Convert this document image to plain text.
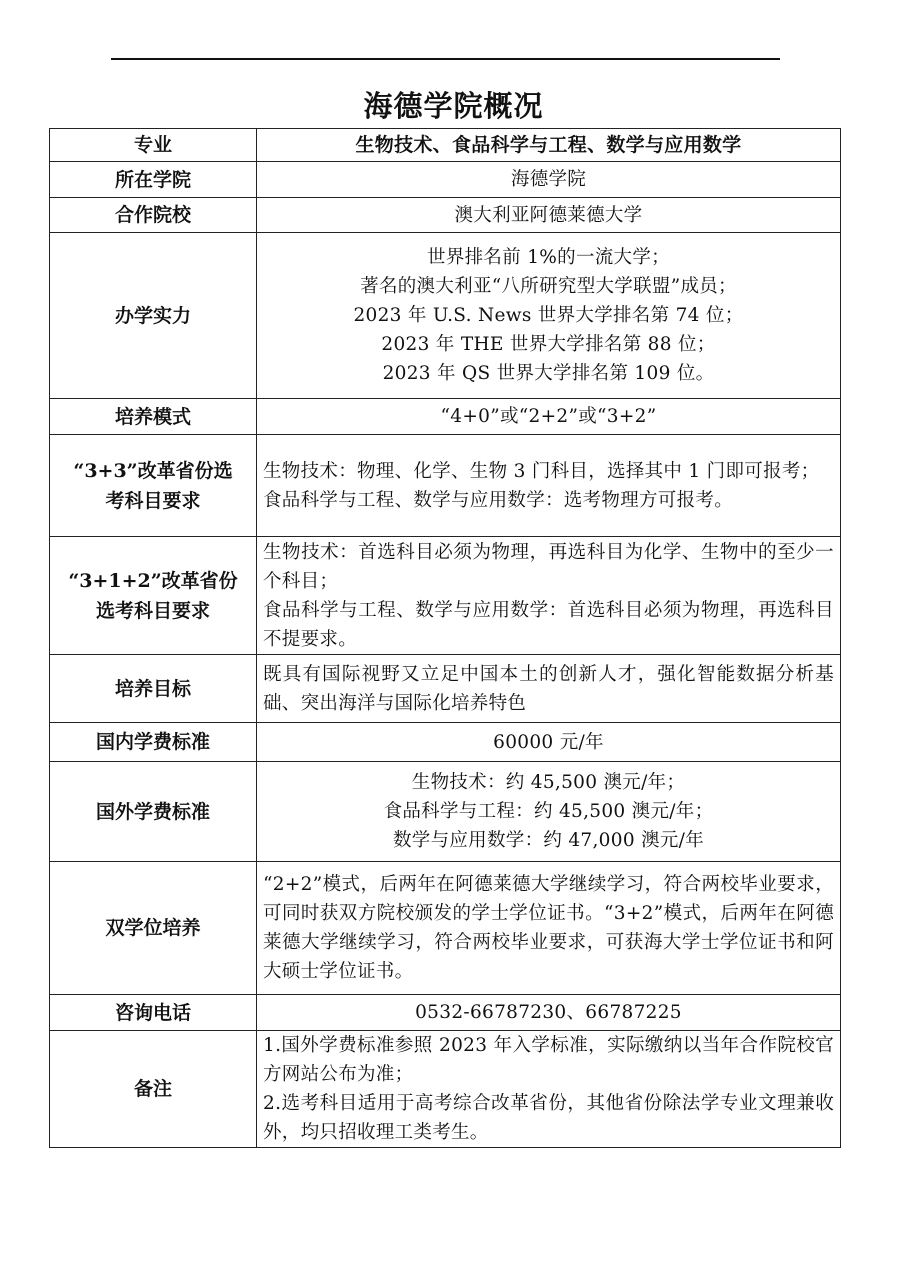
海德学院概况
专业	生物技术、食品科学与工程、数学与应用数学
所在学院	海德学院
合作院校	澳大利亚阿德莱德大学
办学实力	世界排名前 1%的一流大学；
著名的澳大利亚“八所研究型大学联盟”成员；
2023 年 U.S. News 世界大学排名第 74 位；
2023 年 THE 世界大学排名第 88 位；
2023 年 QS 世界大学排名第 109 位。

培养模式	“4+0”或“2+2”或“3+2”

“3+3”改革省份选
考科目要求	生物技术：物理、化学、生物 3 门科目，选择其中 1 门即可报考；
食品科学与工程、数学与应用数学：选考物理方可报考。

“3+1+2”改革省份
选考科目要求	生物技术：首选科目必须为物理，再选科目为化学、生物中的至少一个科目；
食品科学与工程、数学与应用数学：首选科目必须为物理，再选科目不提要求。

培养目标	既具有国际视野又立足中国本土的创新人才，强化智能数据分析基础、突出海洋与国际化培养特色
国内学费标准	60000 元/年
国外学费标准	生物技术：约 45,500 澳元/年；
食品科学与工程：约 45,500 澳元/年；
数学与应用数学：约 47,000 澳元/年

双学位培养	“2+2”模式，后两年在阿德莱德大学继续学习，符合两校毕业要求，可同时获双方院校颁发的学士学位证书。“3+2”模式，后两年在阿德莱德大学继续学习，符合两校毕业要求，可获海大学士学位证书和阿大硕士学位证书。
咨询电话	0532-66787230、66787225
备注	1.国外学费标准参照 2023 年入学标准，实际缴纳以当年合作院校官方网站公布为准；
2.选考科目适用于高考综合改革省份，其他省份除法学专业文理兼收外，均只招收理工类考生。
